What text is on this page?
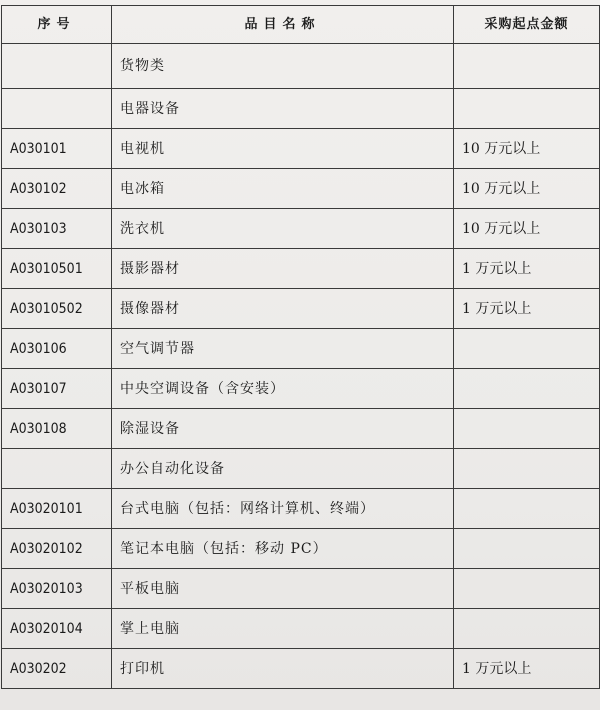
序号	品目名称	采购起点金额
	货物类	
	电器设备	
A030101	电视机	10 万元以上
A030102	电冰箱	10 万元以上
A030103	洗衣机	10 万元以上
A03010501	摄影器材	1 万元以上
A03010502	摄像器材	1 万元以上
A030106	空气调节器	
A030107	中央空调设备（含安装）	
A030108	除湿设备	
	办公自动化设备	
A03020101	台式电脑（包括：网络计算机、终端）	
A03020102	笔记本电脑（包括：移动 PC）	
A03020103	平板电脑	
A03020104	掌上电脑	
A030202	打印机	1 万元以上
